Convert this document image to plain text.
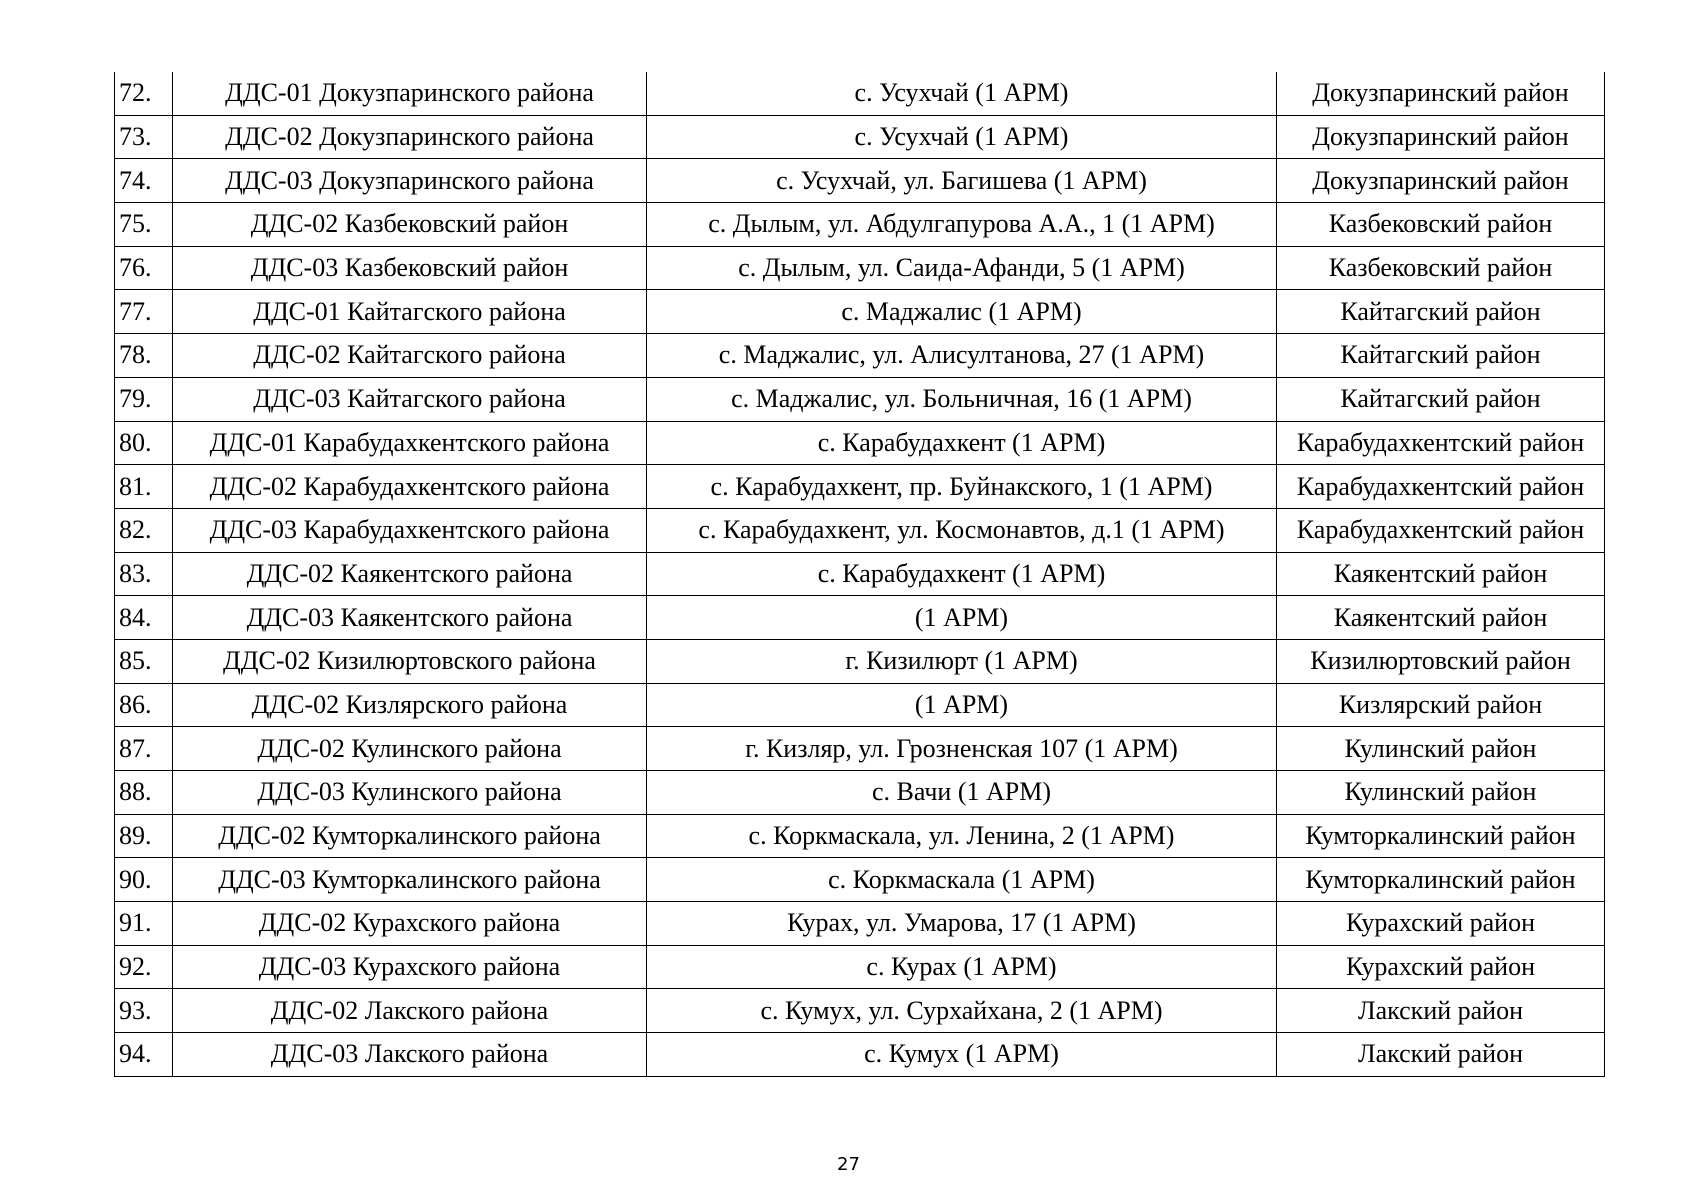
72.	ДДС-01 Докузпаринского района	с. Усухчай (1 АРМ)	Докузпаринский район
73.	ДДС-02 Докузпаринского района	с. Усухчай (1 АРМ)	Докузпаринский район
74.	ДДС-03 Докузпаринского района	с. Усухчай, ул. Багишева (1 АРМ)	Докузпаринский район
75.	ДДС-02 Казбековский район	с. Дылым, ул. Абдулгапурова А.А., 1 (1 АРМ)	Казбековский район
76.	ДДС-03 Казбековский район	с. Дылым, ул. Саида-Афанди, 5 (1 АРМ)	Казбековский район
77.	ДДС-01 Кайтагского района	с. Маджалис (1 АРМ)	Кайтагский район
78.	ДДС-02 Кайтагского района	с. Маджалис, ул. Алисултанова, 27 (1 АРМ)	Кайтагский район
79.	ДДС-03 Кайтагского района	с. Маджалис, ул. Больничная, 16 (1 АРМ)	Кайтагский район
80.	ДДС-01 Карабудахкентского района	с. Карабудахкент (1 АРМ)	Карабудахкентский район
81.	ДДС-02 Карабудахкентского района	с. Карабудахкент, пр. Буйнакского, 1 (1 АРМ)	Карабудахкентский район
82.	ДДС-03 Карабудахкентского района	с. Карабудахкент, ул. Космонавтов, д.1 (1 АРМ)	Карабудахкентский район
83.	ДДС-02 Каякентского района	с. Карабудахкент (1 АРМ)	Каякентский район
84.	ДДС-03 Каякентского района	(1 АРМ)	Каякентский район
85.	ДДС-02 Кизилюртовского района	г. Кизилюрт (1 АРМ)	Кизилюртовский район
86.	ДДС-02 Кизлярского района	(1 АРМ)	Кизлярский район
87.	ДДС-02 Кулинского района	г. Кизляр, ул. Грозненская 107 (1 АРМ)	Кулинский район
88.	ДДС-03 Кулинского района	с. Вачи (1 АРМ)	Кулинский район
89.	ДДС-02 Кумторкалинского района	с. Коркмаскала, ул. Ленина, 2 (1 АРМ)	Кумторкалинский район
90.	ДДС-03 Кумторкалинского района	с. Коркмаскала (1 АРМ)	Кумторкалинский район
91.	ДДС-02 Курахского района	Курах, ул. Умарова, 17 (1 АРМ)	Курахский район
92.	ДДС-03 Курахского района	с. Курах (1 АРМ)	Курахский район
93.	ДДС-02 Лакского района	с. Кумух, ул. Сурхайхана, 2 (1 АРМ)	Лакский район
94.	ДДС-03 Лакского района	с. Кумух (1 АРМ)	Лакский район
27
